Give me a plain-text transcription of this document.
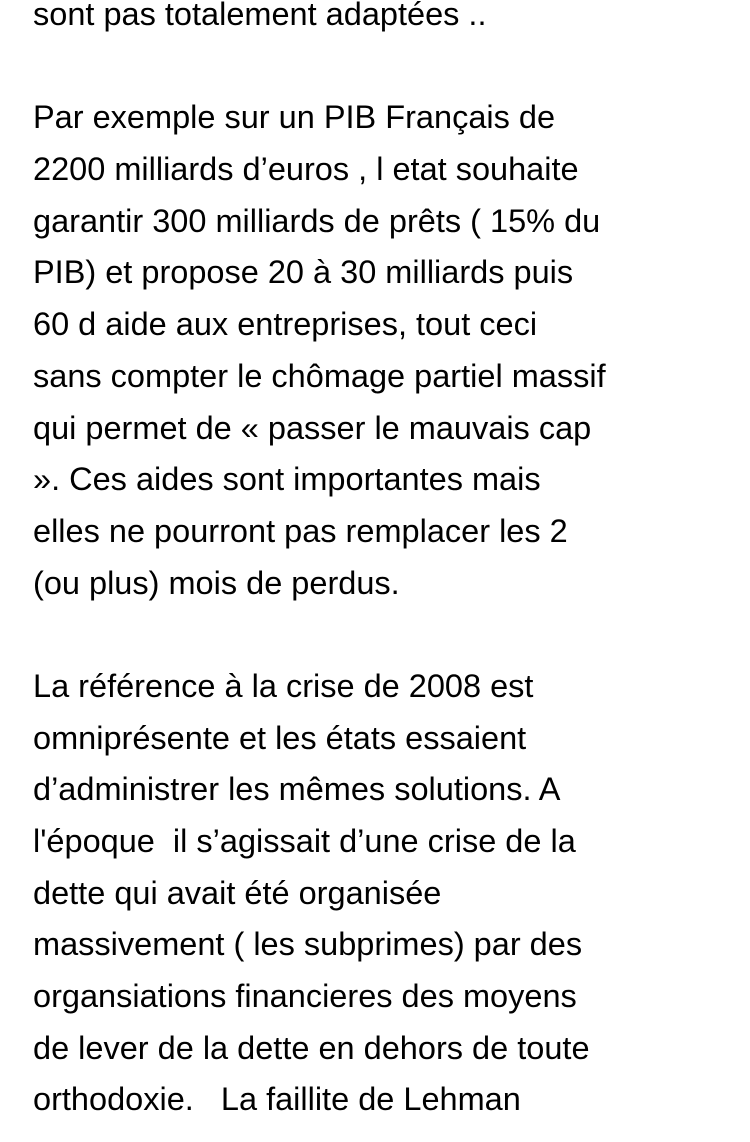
sont pas totalement adaptées ..
Par exemple sur un PIB Français de
2200 milliards d’euros , l etat souhaite
garantir 300 milliards de prêts ( 15% du
PIB) et propose 20 à 30 milliards puis
60 d aide aux entreprises, tout ceci
sans compter le chômage partiel massif
qui permet de « passer le mauvais cap
». Ces aides sont importantes mais
elles ne pourront pas remplacer les 2
(ou plus) mois de perdus.
La référence à la crise de 2008 est
omniprésente et les états essaient
d’administrer les mêmes solutions. A
l'époque  il s’agissait d’une crise de la
dette qui avait été organisée
massivement ( les subprimes) par des
organsiations financieres des moyens
de lever de la dette en dehors de toute
orthodoxie.   La faillite de Lehman
